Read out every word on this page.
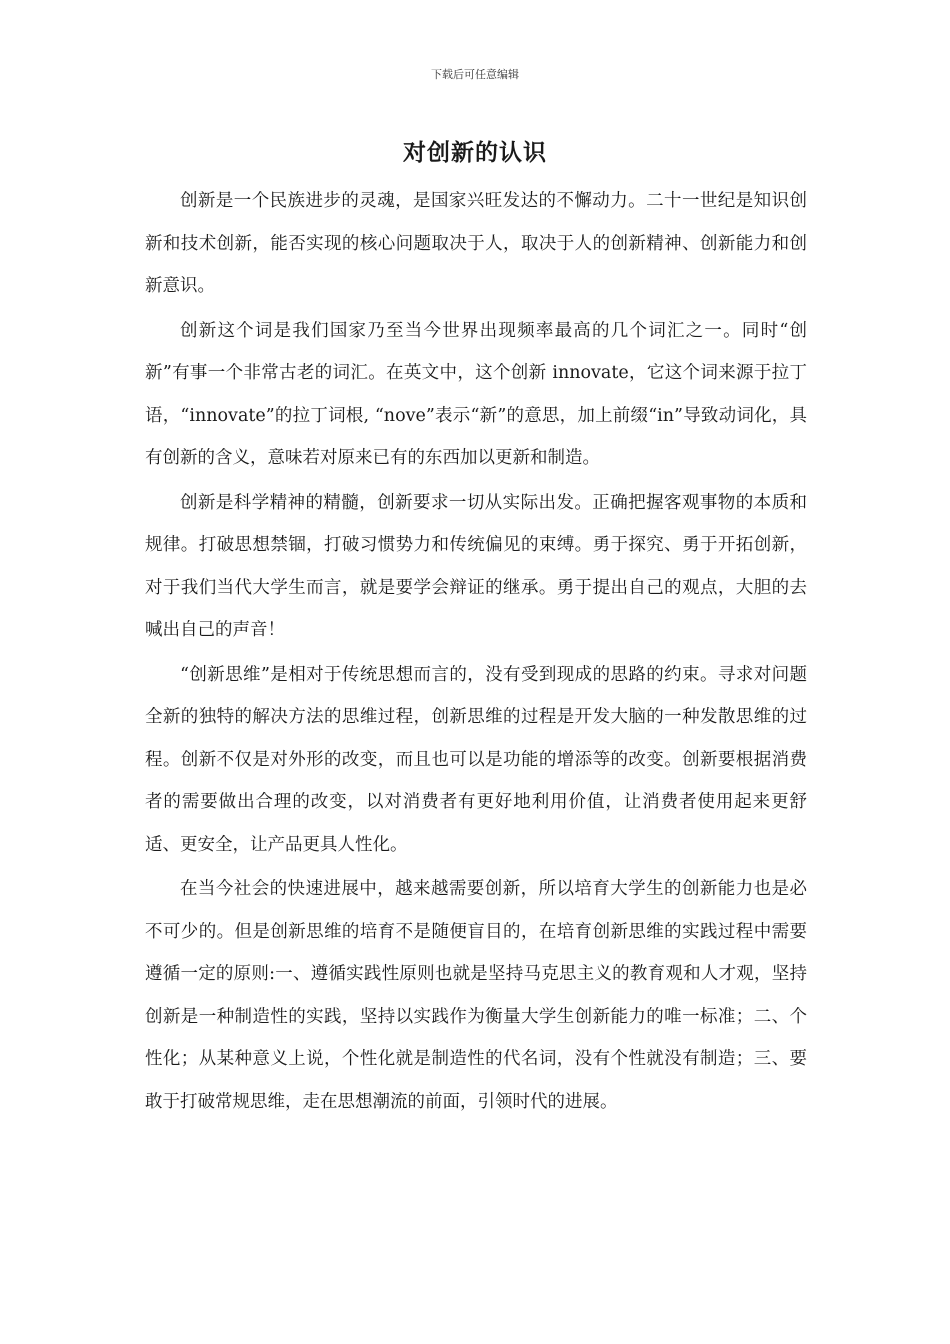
下载后可任意编辑
对创新的认识

创新是一个民族进步的灵魂，是国家兴旺发达的不懈动力。二十一世纪是知识创新和技术创新，能否实现的核心问题取决于人，取决于人的创新精神、创新能力和创新意识。

创新这个词是我们国家乃至当今世界出现频率最高的几个词汇之一。同时“创新”有事一个非常古老的词汇。在英文中，这个创新 innovate，它这个词来源于拉丁语，“innovate”的拉丁词根, “nove”表示“新”的意思，加上前缀“in”导致动词化，具有创新的含义，意味若对原来已有的东西加以更新和制造。

创新是科学精神的精髓，创新要求一切从实际出发。正确把握客观事物的本质和规律。打破思想禁锢，打破习惯势力和传统偏见的束缚。勇于探究、勇于开拓创新，对于我们当代大学生而言，就是要学会辩证的继承。勇于提出自己的观点，大胆的去喊出自己的声音！

“创新思维”是相对于传统思想而言的，没有受到现成的思路的约束。寻求对问题全新的独特的解决方法的思维过程，创新思维的过程是开发大脑的一种发散思维的过程。创新不仅是对外形的改变，而且也可以是功能的增添等的改变。创新要根据消费者的需要做出合理的改变，以对消费者有更好地利用价值，让消费者使用起来更舒适、更安全，让产品更具人性化。

在当今社会的快速进展中，越来越需要创新，所以培育大学生的创新能力也是必不可少的。但是创新思维的培育不是随便盲目的，在培育创新思维的实践过程中需要遵循一定的原则:一、遵循实践性原则也就是坚持马克思主义的教育观和人才观，坚持创新是一种制造性的实践，坚持以实践作为衡量大学生创新能力的唯一标准；二、个性化；从某种意义上说，个性化就是制造性的代名词，没有个性就没有制造；三、要敢于打破常规思维，走在思想潮流的前面，引领时代的进展。
